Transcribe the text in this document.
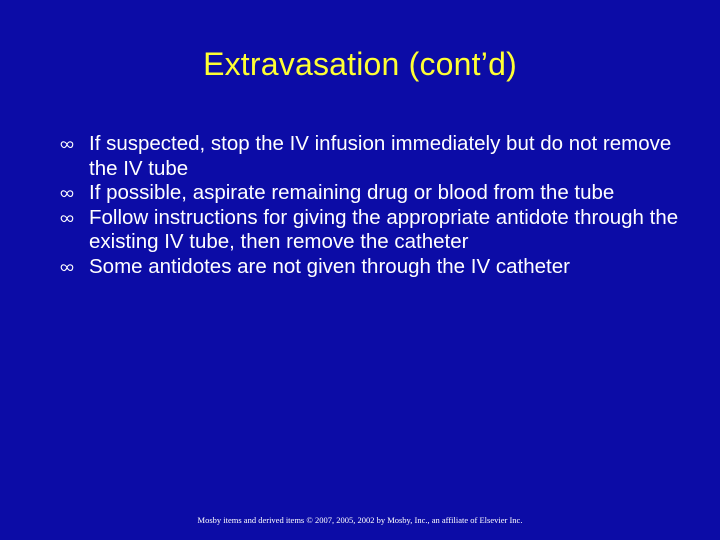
Extravasation (cont’d)
If suspected, stop the IV infusion immediately but do not remove the IV tube
If possible, aspirate remaining drug or blood from the tube
Follow instructions for giving the appropriate antidote through the existing IV tube, then remove the catheter
Some antidotes are not given through the IV catheter
Mosby items and derived items © 2007, 2005, 2002 by Mosby, Inc., an affiliate of Elsevier Inc.
